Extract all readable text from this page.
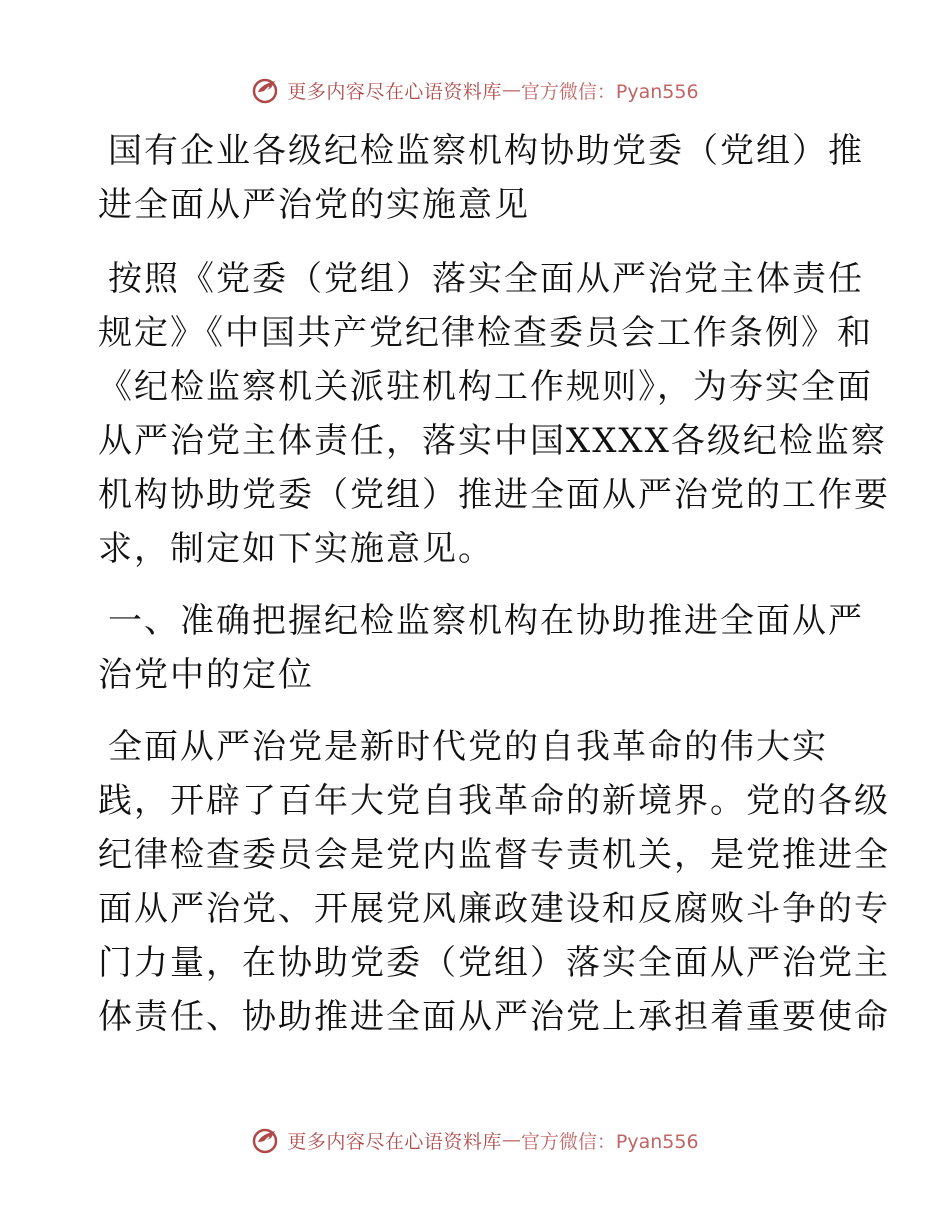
更多内容尽在心语资料库 — 官方微信：Pyan556
国有企业各级纪检监察机构协助党委（党组）推
进全面从严治党的实施意见
按照《党委（党组）落实全面从严治党主体责任
规定》《中国共产党纪律检查委员会工作条例》和
《纪检监察机关派驻机构工作规则》，为夯实全面
从严治党主体责任，落实中国XXXX各级纪检监察
机构协助党委（党组）推进全面从严治党的工作要
求，制定如下实施意见。
一、准确把握纪检监察机构在协助推进全面从严
治党中的定位
全面从严治党是新时代党的自我革命的伟大实
践，开辟了百年大党自我革命的新境界。党的各级
纪律检查委员会是党内监督专责机关，是党推进全
面从严治党、开展党风廉政建设和反腐败斗争的专
门力量，在协助党委（党组）落实全面从严治党主
体责任、协助推进全面从严治党上承担着重要使命
更多内容尽在心语资料库 — 官方微信：Pyan556
